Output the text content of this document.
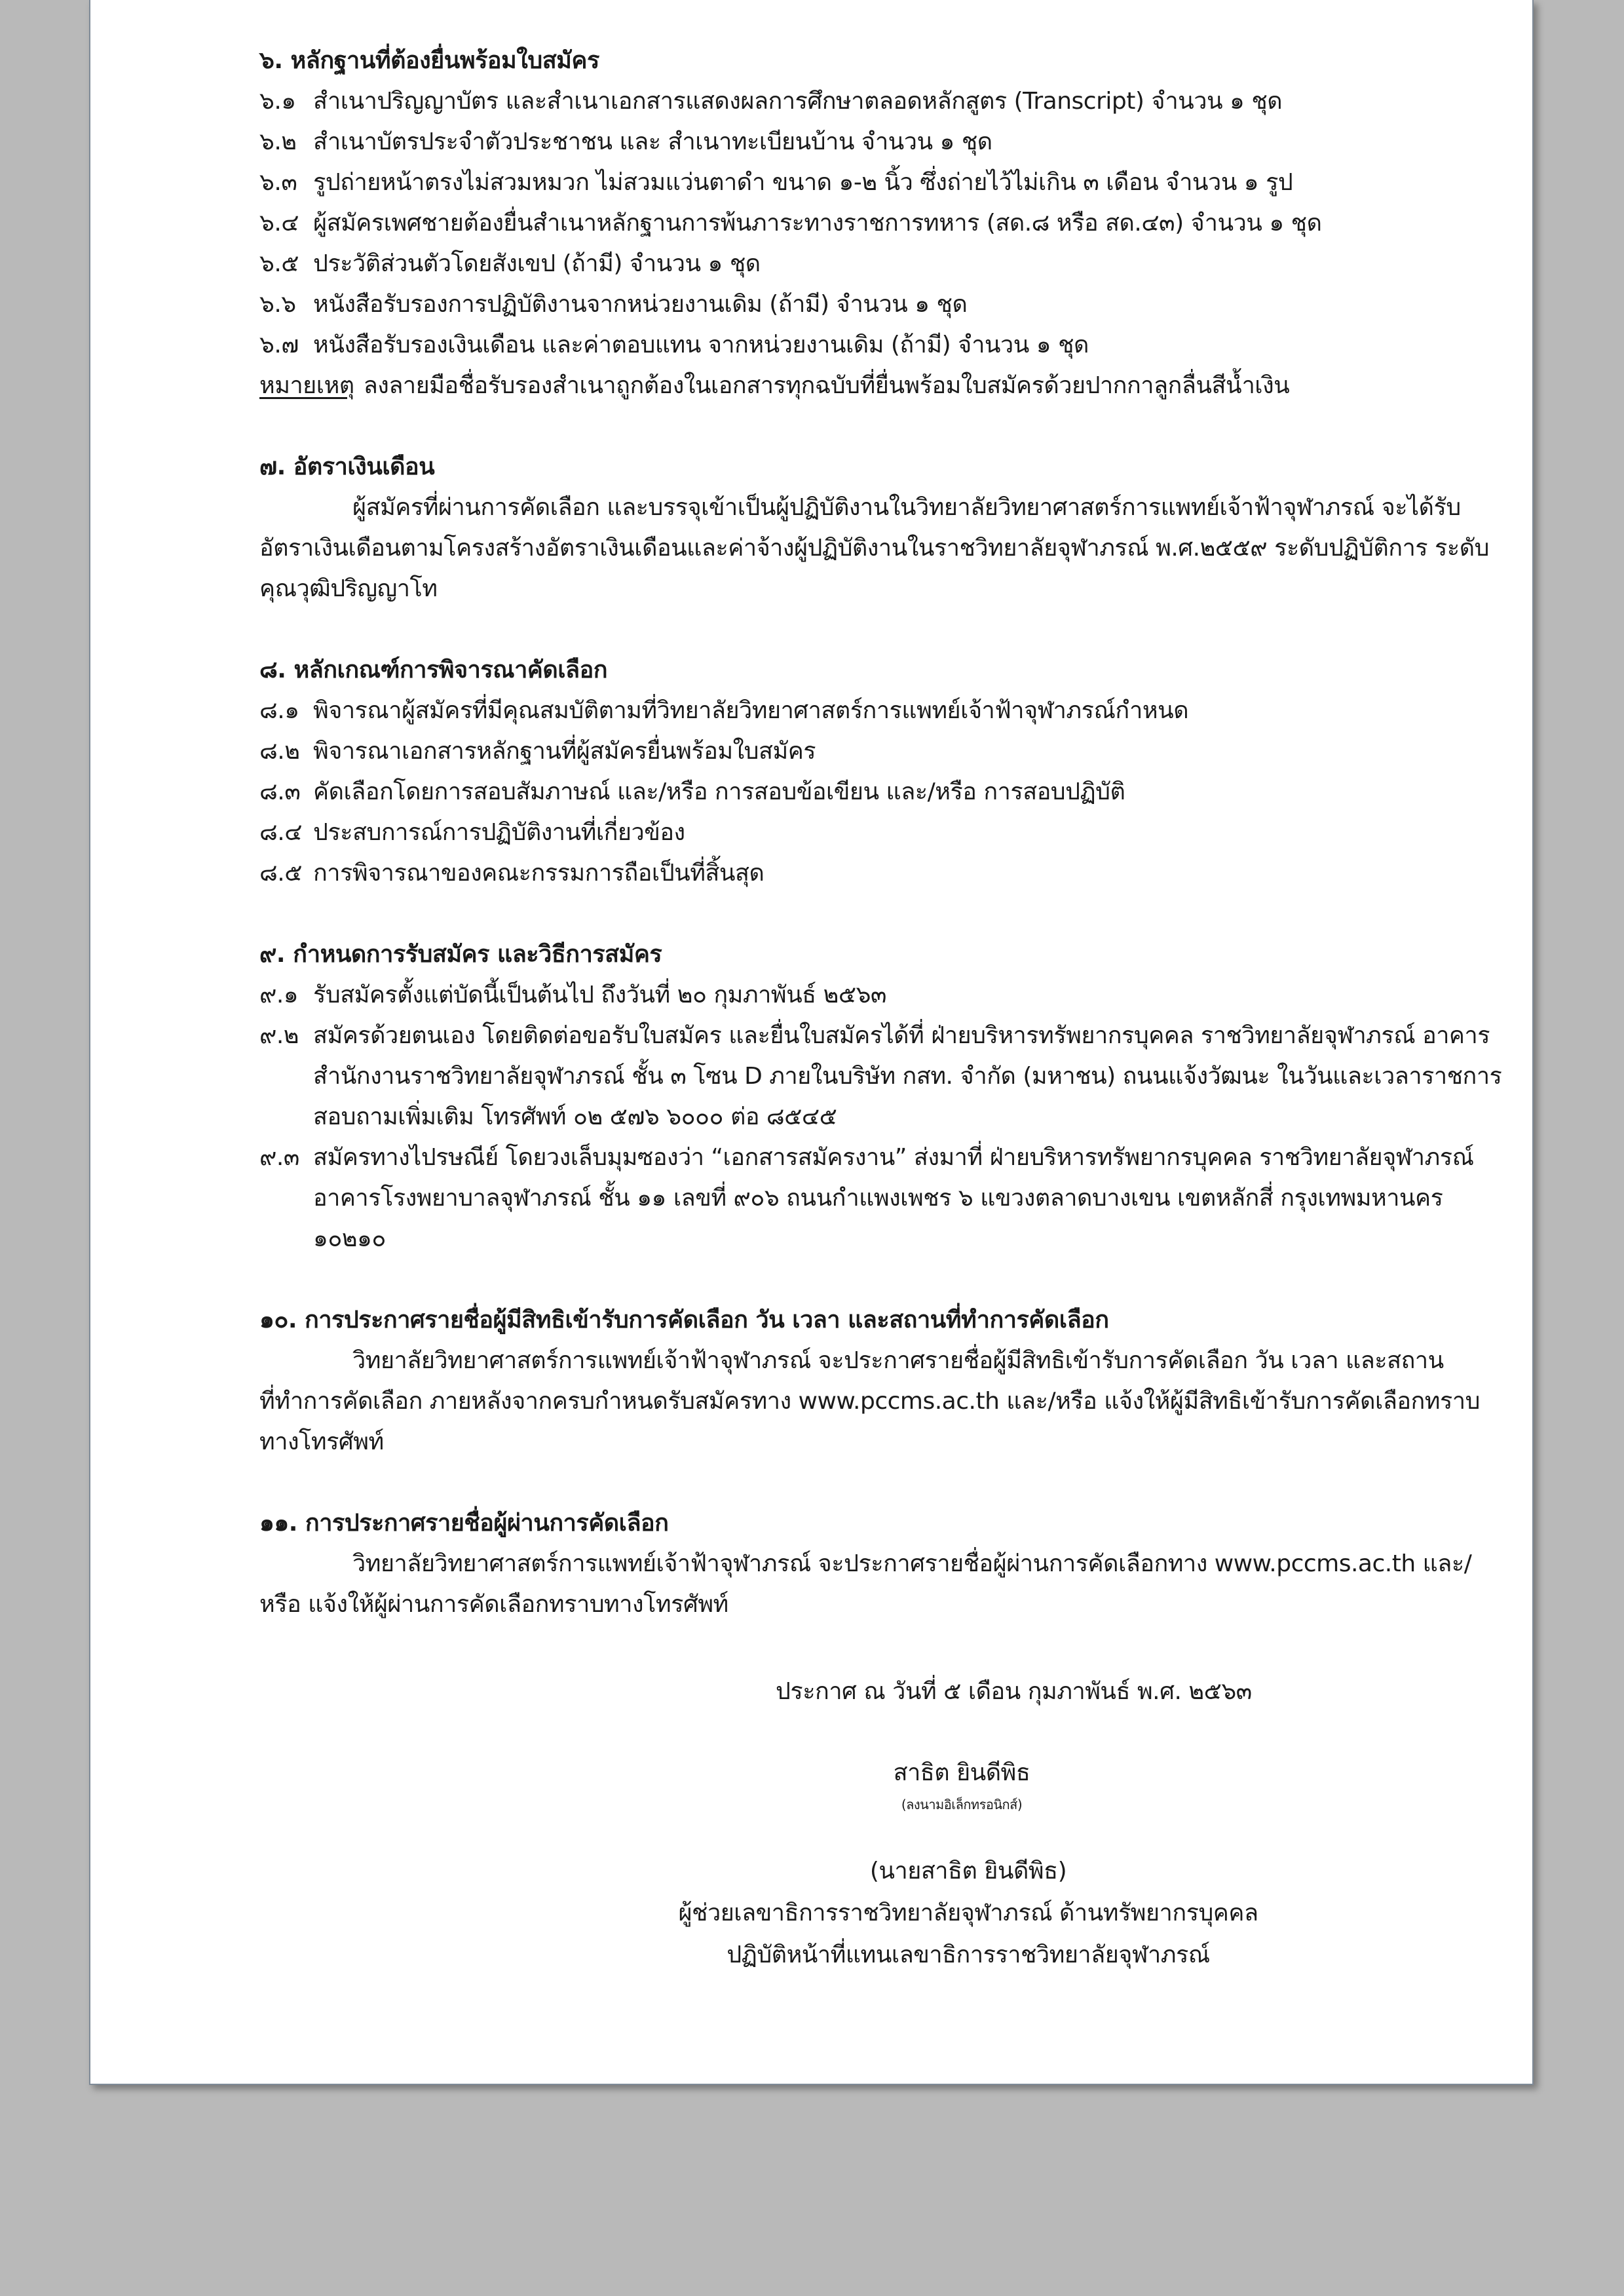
๖. หลักฐานที่ต้องยื่นพร้อมใบสมัคร

๖.๑ สำเนาปริญญาบัตร และสำเนาเอกสารแสดงผลการศึกษาตลอดหลักสูตร (Transcript) จำนวน ๑ ชุด
๖.๒ สำเนาบัตรประจำตัวประชาชน และ สำเนาทะเบียนบ้าน จำนวน ๑ ชุด
๖.๓ รูปถ่ายหน้าตรงไม่สวมหมวก ไม่สวมแว่นตาดำ ขนาด ๑-๒ นิ้ว ซึ่งถ่ายไว้ไม่เกิน ๓ เดือน จำนวน ๑ รูป
๖.๔ ผู้สมัครเพศชายต้องยื่นสำเนาหลักฐานการพ้นภาระทางราชการทหาร (สด.๘ หรือ สด.๔๓) จำนวน ๑ ชุด
๖.๕ ประวัติส่วนตัวโดยสังเขป (ถ้ามี) จำนวน ๑ ชุด
๖.๖ หนังสือรับรองการปฏิบัติงานจากหน่วยงานเดิม (ถ้ามี) จำนวน ๑ ชุด
๖.๗ หนังสือรับรองเงินเดือน และค่าตอบแทน จากหน่วยงานเดิม (ถ้ามี) จำนวน ๑ ชุด

หมายเหตุ ลงลายมือชื่อรับรองสำเนาถูกต้องในเอกสารทุกฉบับที่ยื่นพร้อมใบสมัครด้วยปากกาลูกลื่นสีน้ำเงิน

๗. อัตราเงินเดือน

ผู้สมัครที่ผ่านการคัดเลือก และบรรจุเข้าเป็นผู้ปฏิบัติงานในวิทยาลัยวิทยาศาสตร์การแพทย์เจ้าฟ้าจุฬาภรณ์ จะได้รับอัตราเงินเดือนตามโครงสร้างอัตราเงินเดือนและค่าจ้างผู้ปฏิบัติงานในราชวิทยาลัยจุฬาภรณ์ พ.ศ.๒๕๕๙ ระดับปฏิบัติการ ระดับคุณวุฒิปริญญาโท

๘. หลักเกณฑ์การพิจารณาคัดเลือก

๘.๑ พิจารณาผู้สมัครที่มีคุณสมบัติตามที่วิทยาลัยวิทยาศาสตร์การแพทย์เจ้าฟ้าจุฬาภรณ์กำหนด
๘.๒ พิจารณาเอกสารหลักฐานที่ผู้สมัครยื่นพร้อมใบสมัคร
๘.๓ คัดเลือกโดยการสอบสัมภาษณ์ และ/หรือ การสอบข้อเขียน และ/หรือ การสอบปฏิบัติ
๘.๔ ประสบการณ์การปฏิบัติงานที่เกี่ยวข้อง
๘.๕ การพิจารณาของคณะกรรมการถือเป็นที่สิ้นสุด

๙. กำหนดการรับสมัคร และวิธีการสมัคร

๙.๑ รับสมัครตั้งแต่บัดนี้เป็นต้นไป ถึงวันที่ ๒๐ กุมภาพันธ์ ๒๕๖๓
๙.๒ สมัครด้วยตนเอง โดยติดต่อขอรับใบสมัคร และยื่นใบสมัครได้ที่ ฝ่ายบริหารทรัพยากรบุคคล ราชวิทยาลัยจุฬาภรณ์ อาคารสำนักงานราชวิทยาลัยจุฬาภรณ์ ชั้น ๓ โซน D ภายในบริษัท กสท. จำกัด (มหาชน) ถนนแจ้งวัฒนะ ในวันและเวลาราชการ สอบถามเพิ่มเติม โทรศัพท์ ๐๒ ๕๗๖ ๖๐๐๐ ต่อ ๘๕๔๕
๙.๓ สมัครทางไปรษณีย์ โดยวงเล็บมุมซองว่า “เอกสารสมัครงาน” ส่งมาที่ ฝ่ายบริหารทรัพยากรบุคคล ราชวิทยาลัยจุฬาภรณ์ อาคารโรงพยาบาลจุฬาภรณ์ ชั้น ๑๑ เลขที่ ๙๐๖ ถนนกำแพงเพชร ๖ แขวงตลาดบางเขน เขตหลักสี่ กรุงเทพมหานคร ๑๐๒๑๐

๑๐. การประกาศรายชื่อผู้มีสิทธิเข้ารับการคัดเลือก วัน เวลา และสถานที่ทำการคัดเลือก

วิทยาลัยวิทยาศาสตร์การแพทย์เจ้าฟ้าจุฬาภรณ์ จะประกาศรายชื่อผู้มีสิทธิเข้ารับการคัดเลือก วัน เวลา และสถานที่ทำการคัดเลือก ภายหลังจากครบกำหนดรับสมัครทาง www.pccms.ac.th และ/หรือ แจ้งให้ผู้มีสิทธิเข้ารับการคัดเลือกทราบทางโทรศัพท์

๑๑. การประกาศรายชื่อผู้ผ่านการคัดเลือก

วิทยาลัยวิทยาศาสตร์การแพทย์เจ้าฟ้าจุฬาภรณ์ จะประกาศรายชื่อผู้ผ่านการคัดเลือกทาง www.pccms.ac.th และ/หรือ แจ้งให้ผู้ผ่านการคัดเลือกทราบทางโทรศัพท์

ประกาศ ณ วันที่ ๕ เดือน กุมภาพันธ์ พ.ศ. ๒๕๖๓
สาธิต ยินดีพิธ
(ลงนามอิเล็กทรอนิกส์)
(นายสาธิต ยินดีพิธ)
ผู้ช่วยเลขาธิการราชวิทยาลัยจุฬาภรณ์ ด้านทรัพยากรบุคคล
ปฏิบัติหน้าที่แทนเลขาธิการราชวิทยาลัยจุฬาภรณ์
